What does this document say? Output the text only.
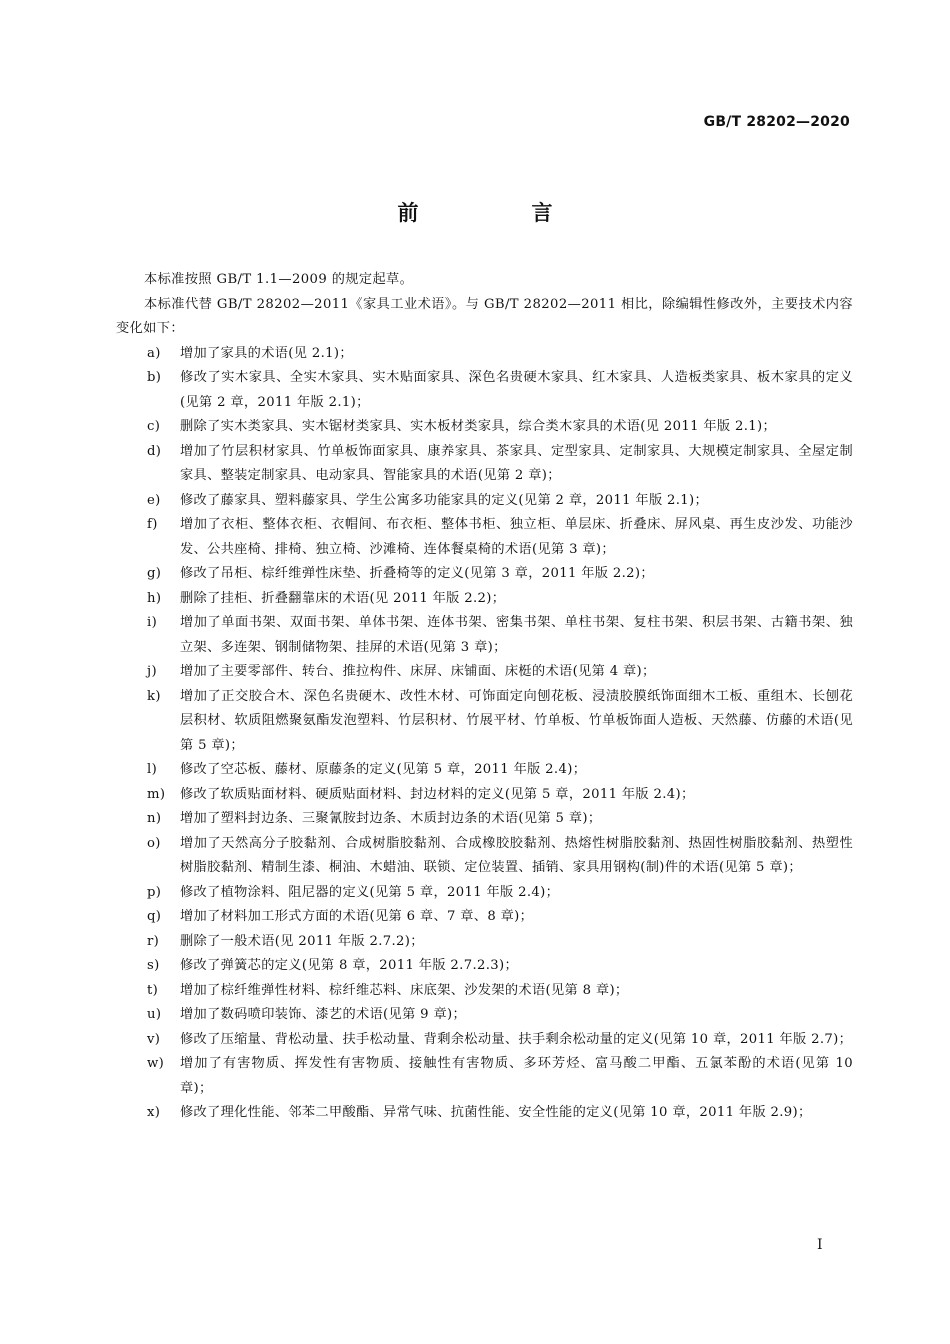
GB/T 28202—2020
前　言

本标准按照 GB/T 1.1—2009 的规定起草。

本标准代替 GB/T 28202—2011《家具工业术语》。与 GB/T 28202—2011 相比，除编辑性修改外，主要技术内容变化如下：

a)	增加了家具的术语(见 2.1)；
b)	修改了实木家具、全实木家具、实木贴面家具、深色名贵硬木家具、红木家具、人造板类家具、板木家具的定义(见第 2 章，2011 年版 2.1)；
c)	删除了实木类家具、实木锯材类家具、实木板材类家具，综合类木家具的术语(见 2011 年版 2.1)；
d)	增加了竹层积材家具、竹单板饰面家具、康养家具、茶家具、定型家具、定制家具、大规模定制家具、全屋定制家具、整装定制家具、电动家具、智能家具的术语(见第 2 章)；
e)	修改了藤家具、塑料藤家具、学生公寓多功能家具的定义(见第 2 章，2011 年版 2.1)；
f)	增加了衣柜、整体衣柜、衣帽间、布衣柜、整体书柜、独立柜、单层床、折叠床、屏风桌、再生皮沙发、功能沙发、公共座椅、排椅、独立椅、沙滩椅、连体餐桌椅的术语(见第 3 章)；
g)	修改了吊柜、棕纤维弹性床垫、折叠椅等的定义(见第 3 章，2011 年版 2.2)；
h)	删除了挂柜、折叠翻靠床的术语(见 2011 年版 2.2)；
i)	增加了单面书架、双面书架、单体书架、连体书架、密集书架、单柱书架、复柱书架、积层书架、古籍书架、独立架、多连架、钢制储物架、挂屏的术语(见第 3 章)；
j)	增加了主要零部件、转台、推拉构件、床屏、床铺面、床梃的术语(见第 4 章)；
k)	增加了正交胶合木、深色名贵硬木、改性木材、可饰面定向刨花板、浸渍胶膜纸饰面细木工板、重组木、长刨花层积材、软质阻燃聚氨酯发泡塑料、竹层积材、竹展平材、竹单板、竹单板饰面人造板、天然藤、仿藤的术语(见第 5 章)；
l)	修改了空芯板、藤材、原藤条的定义(见第 5 章，2011 年版 2.4)；
m)	修改了软质贴面材料、硬质贴面材料、封边材料的定义(见第 5 章，2011 年版 2.4)；
n)	增加了塑料封边条、三聚氰胺封边条、木质封边条的术语(见第 5 章)；
o)	增加了天然高分子胶黏剂、合成树脂胶黏剂、合成橡胶胶黏剂、热熔性树脂胶黏剂、热固性树脂胶黏剂、热塑性树脂胶黏剂、精制生漆、桐油、木蜡油、联锁、定位装置、插销、家具用钢构(制)件的术语(见第 5 章)；
p)	修改了植物涂料、阻尼器的定义(见第 5 章，2011 年版 2.4)；
q)	增加了材料加工形式方面的术语(见第 6 章、7 章、8 章)；
r)	删除了一般术语(见 2011 年版 2.7.2)；
s)	修改了弹簧芯的定义(见第 8 章，2011 年版 2.7.2.3)；
t)	增加了棕纤维弹性材料、棕纤维芯料、床底架、沙发架的术语(见第 8 章)；
u)	增加了数码喷印装饰、漆艺的术语(见第 9 章)；
v)	修改了压缩量、背松动量、扶手松动量、背剩余松动量、扶手剩余松动量的定义(见第 10 章，2011 年版 2.7)；
w)	增加了有害物质、挥发性有害物质、接触性有害物质、多环芳烃、富马酸二甲酯、五氯苯酚的术语(见第 10 章)；
x)	修改了理化性能、邻苯二甲酸酯、异常气味、抗菌性能、安全性能的定义(见第 10 章，2011 年版 2.9)；
I
